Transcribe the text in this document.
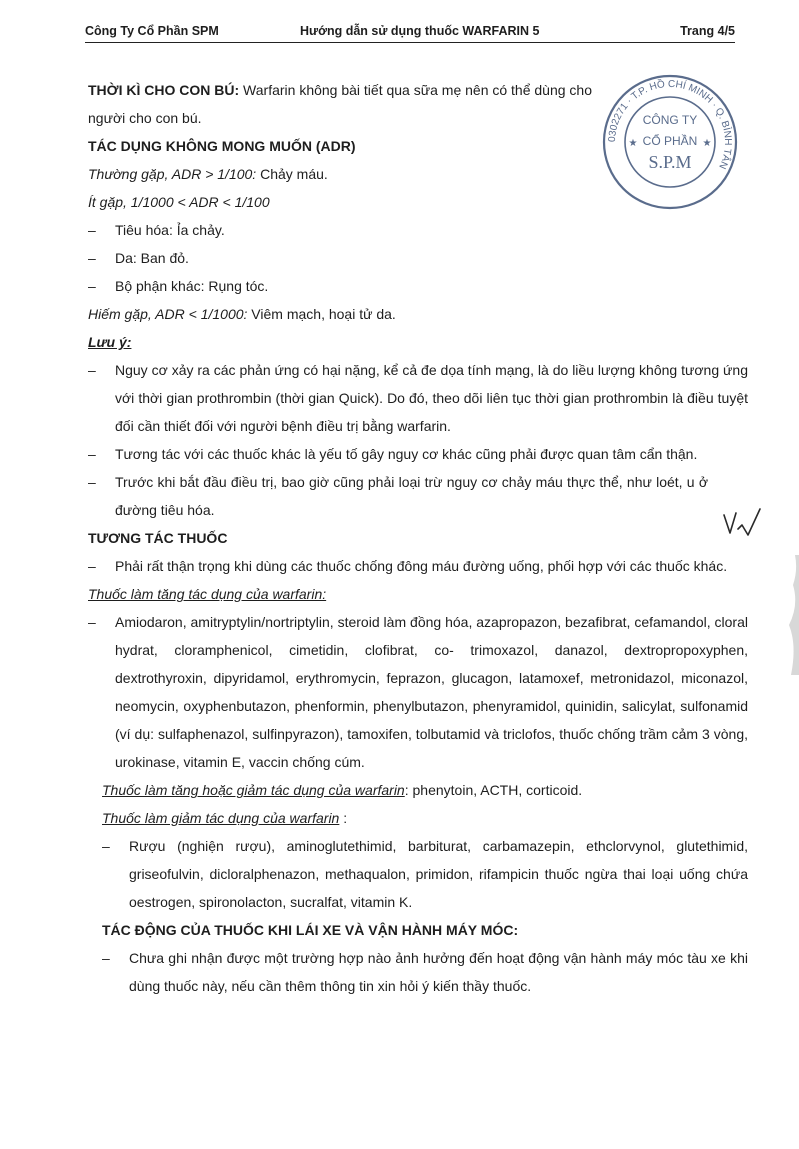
Công Ty Cổ Phần SPM	Hướng dẫn sử dụng thuốc WARFARIN 5	Trang 4/5

THỜI KÌ CHO CON BÚ: Warfarin không bài tiết qua sữa mẹ nên có thể dùng cho người cho con bú.

TÁC DỤNG KHÔNG MONG MUỐN (ADR)

Thường gặp, ADR > 1/100: Chảy máu.

Ít gặp, 1/1000 < ADR < 1/100

– Tiêu hóa: Ỉa chảy.

– Da: Ban đỏ.

– Bộ phận khác: Rụng tóc.

Hiếm gặp, ADR < 1/1000: Viêm mạch, hoại tử da.

Lưu ý:

– Nguy cơ xảy ra các phản ứng có hại nặng, kể cả đe dọa tính mạng, là do liều lượng không tương ứng với thời gian prothrombin (thời gian Quick). Do đó, theo dõi liên tục thời gian prothrombin là điều tuyệt đối cần thiết đối với người bệnh điều trị bằng warfarin.

– Tương tác với các thuốc khác là yếu tố gây nguy cơ khác cũng phải được quan tâm cẩn thận.

– Trước khi bắt đầu điều trị, bao giờ cũng phải loại trừ nguy cơ chảy máu thực thể, như loét, u ở đường tiêu hóa.

TƯƠNG TÁC THUỐC

– Phải rất thận trọng khi dùng các thuốc chống đông máu đường uống, phối hợp với các thuốc khác.

Thuốc làm tăng tác dụng của warfarin:

– Amiodaron, amitryptylin/nortriptylin, steroid làm đồng hóa, azapropazon, bezafibrat, cefamandol, cloral hydrat, cloramphenicol, cimetidin, clofibrat, co- trimoxazol, danazol, dextropropoxyphen, dextrothyroxin, dipyridamol, erythromycin, feprazon, glucagon, latamoxef, metronidazol, miconazol, neomycin, oxyphenbutazon, phenformin, phenylbutazon, phenyramidol, quinidin, salicylat, sulfonamid (ví dụ: sulfaphenazol, sulfinpyrazon), tamoxifen, tolbutamid và triclofos, thuốc chống trầm cảm 3 vòng, urokinase, vitamin E, vaccin chống cúm.

Thuốc làm tăng hoặc giảm tác dụng của warfarin: phenytoin, ACTH, corticoid.

Thuốc làm giảm tác dụng của warfarin :

– Rượu (nghiện rượu), aminoglutethimid, barbiturat, carbamazepin, ethclorvynol, glutethimid, griseofulvin, dicloralphenazon, methaqualon, primidon, rifampicin thuốc ngừa thai loại uống chứa oestrogen, spironolacton, sucralfat, vitamin K.

TÁC ĐỘNG CỦA THUỐC KHI LÁI XE VÀ VẬN HÀNH MÁY MÓC:

– Chưa ghi nhận được một trường hợp nào ảnh hưởng đến hoạt động vận hành máy móc tàu xe khi dùng thuốc này, nếu cần thêm thông tin xin hỏi ý kiến thầy thuốc.

0302271 · T.P. HỒ CHÍ MINH · Q. BÌNH TÂN
CÔNG TY
CỔ PHẦN
S.P.M
★	★
